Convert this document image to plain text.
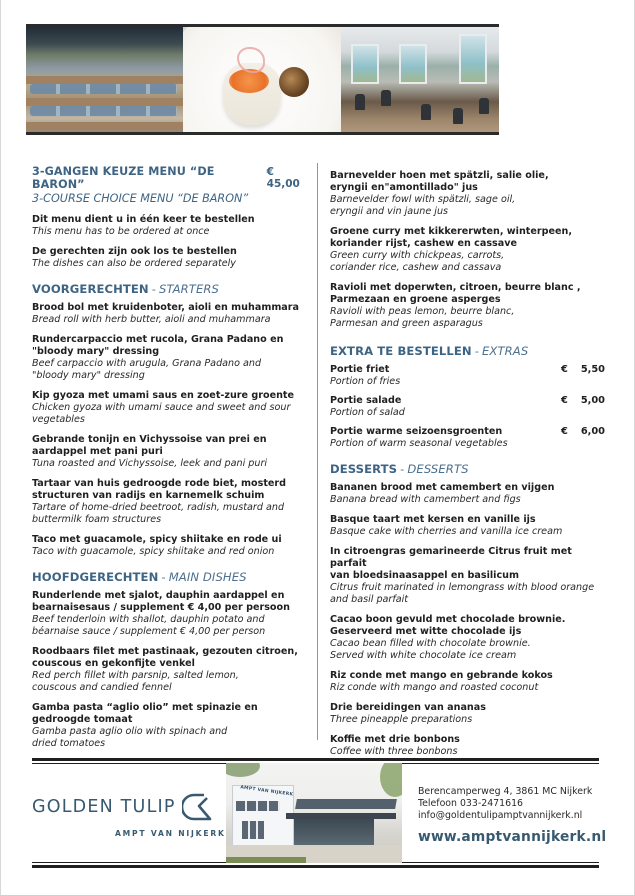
3-GANGEN KEUZE MENU “DE BARON”
€ 45,00
3-COURSE CHOICE MENU “DE BARON”
Dit menu dient u in één keer te bestellen
This menu has to be ordered at once
De gerechten zijn ook los te bestellen
The dishes can also be ordered separately
VOORGERECHTEN - STARTERS
Brood bol met kruidenboter, aioli en muhammara
Bread roll with herb butter, aioli and muhammara
Rundercarpaccio met rucola, Grana Padano en
"bloody mary" dressing
Beef carpaccio with arugula, Grana Padano and
"bloody mary" dressing
Kip gyoza met umami saus en zoet-zure groente
Chicken gyoza with umami sauce and sweet and sour
vegetables
Gebrande tonijn en Vichyssoise van prei en
aardappel met pani puri
Tuna roasted and Vichyssoise, leek and pani puri
Tartaar van huis gedroogde rode biet, mosterd
structuren van radijs en karnemelk schuim
Tartare of home-dried beetroot, radish, mustard and
buttermilk foam structures
Taco met guacamole, spicy shiitake en rode ui
Taco with guacamole, spicy shiitake and red onion
HOOFDGERECHTEN - MAIN DISHES
Runderlende met sjalot, dauphin aardappel en
bearnaisesaus / supplement € 4,00 per persoon
Beef tenderloin with shallot, dauphin potato and
béarnaise sauce / supplement € 4,00 per person
Roodbaars filet met pastinaak, gezouten citroen,
couscous en gekonfijte venkel
Red perch fillet with parsnip, salted lemon,
couscous and candied fennel
Gamba pasta “aglio olio” met spinazie en
gedroogde tomaat
Gamba pasta aglio olio with spinach and
dried tomatoes
Barnevelder hoen met spätzli, salie olie,
eryngii en"amontillado" jus
Barnevelder fowl with spätzli, sage oil,
eryngii and vin jaune jus
Groene curry met kikkererwten, winterpeen,
koriander rijst, cashew en cassave
Green curry with chickpeas, carrots,
coriander rice, cashew and cassava
Ravioli met doperwten, citroen, beurre blanc ,
Parmezaan en groene asperges
Ravioli with peas lemon, beurre blanc,
Parmesan and green asparagus
EXTRA TE BESTELLEN - EXTRAS
Portie friet
Portion of fries
€ 5,50
Portie salade
Portion of salad
€ 5,00
Portie warme seizoensgroenten
Portion of warm seasonal vegetables
€ 6,00
DESSERTS - DESSERTS
Bananen brood met camembert en vijgen
Banana bread with camembert and figs
Basque taart met kersen en vanille ijs
Basque cake with cherries and vanilla ice cream
In citroengras gemarineerde Citrus fruit met parfait
van bloedsinaasappel en basilicum
Citrus fruit marinated in lemongrass with blood orange
and basil parfait
Cacao boon gevuld met chocolade brownie.
Geserveerd met witte chocolade ijs
Cacao bean filled with chocolate brownie.
Served with white chocolate ice cream
Riz conde met mango en gebrande kokos
Riz conde with mango and roasted coconut
Drie bereidingen van ananas
Three pineapple preparations
Koffie met drie bonbons
Coffee with three bonbons
GOLDEN TULIP
AMPT VAN NIJKERK
AMPT VAN NIJKERK	Berencamperweg 4, 3861 MC Nijkerk
Telefoon 033-2471616
info@goldentulipamptvannijkerk.nl
www.amptvannijkerk.nl
